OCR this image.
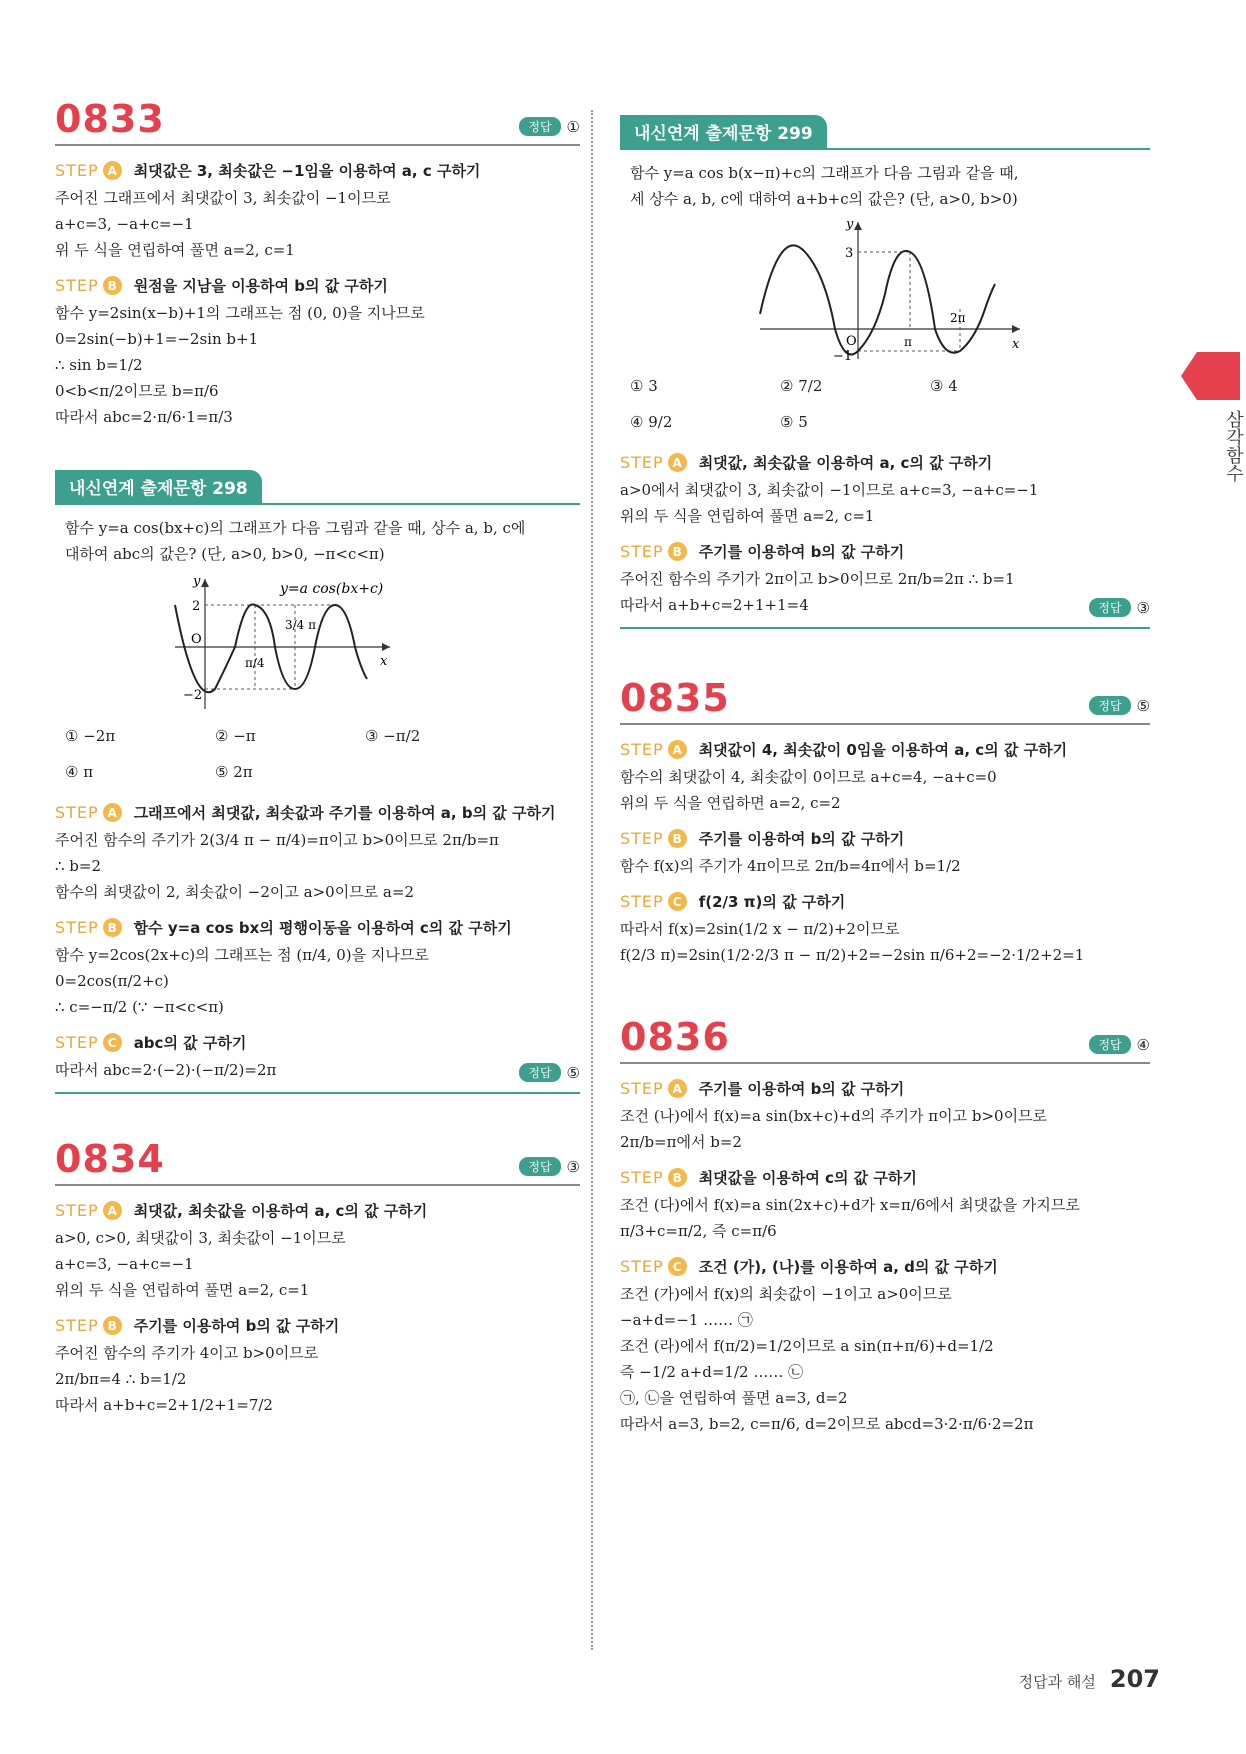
0833	정답	①
STEP A	최댓값은 3, 최솟값은 −1임을 이용하여 a, c 구하기
주어진 그래프에서 최댓값이 3, 최솟값이 −1이므로
a+c=3, −a+c=−1
위 두 식을 연립하여 풀면 a=2, c=1
STEP B	원점을 지남을 이용하여 b의 값 구하기
함수 y=2sin(x−b)+1의 그래프는 점 (0, 0)을 지나므로
0=2sin(−b)+1=−2sin b+1
∴ sin b=1/2
0<b<π/2이므로 b=π/6
따라서 abc=2·π/6·1=π/3
내신연계 출제문항 298
함수 y=a cos(bx+c)의 그래프가 다음 그림과 같을 때, 상수 a, b, c에
대하여 abc의 값은? (단, a>0, b>0, −π<c<π)
y
x
O
2
−2
π/4
3/4 π
y=a cos(bx+c)
① −2π	② −π	③ −π/2
④ π	⑤ 2π
STEP A	그래프에서 최댓값, 최솟값과 주기를 이용하여 a, b의 값 구하기
주어진 함수의 주기가 2(3/4 π − π/4)=π이고 b>0이므로 2π/b=π
∴ b=2
함수의 최댓값이 2, 최솟값이 −2이고 a>0이므로 a=2
STEP B	함수 y=a cos bx의 평행이동을 이용하여 c의 값 구하기
함수 y=2cos(2x+c)의 그래프는 점 (π/4, 0)을 지나므로
0=2cos(π/2+c)
∴ c=−π/2 (∵ −π<c<π)
STEP C	abc의 값 구하기
따라서 abc=2·(−2)·(−π/2)=2π	정답	⑤
0834	정답	③
STEP A	최댓값, 최솟값을 이용하여 a, c의 값 구하기
a>0, c>0, 최댓값이 3, 최솟값이 −1이므로
a+c=3, −a+c=−1
위의 두 식을 연립하여 풀면 a=2, c=1
STEP B	주기를 이용하여 b의 값 구하기
주어진 함수의 주기가 4이고 b>0이므로
2π/bπ=4 ∴ b=1/2
따라서 a+b+c=2+1/2+1=7/2
내신연계 출제문항 299
함수 y=a cos b(x−π)+c의 그래프가 다음 그림과 같을 때,
세 상수 a, b, c에 대하여 a+b+c의 값은? (단, a>0, b>0)
y
x
O
3
−1
π
2π
① 3	② 7/2	③ 4
④ 9/2	⑤ 5
STEP A	최댓값, 최솟값을 이용하여 a, c의 값 구하기
a>0에서 최댓값이 3, 최솟값이 −1이므로 a+c=3, −a+c=−1
위의 두 식을 연립하여 풀면 a=2, c=1
STEP B	주기를 이용하여 b의 값 구하기
주어진 함수의 주기가 2π이고 b>0이므로 2π/b=2π ∴ b=1
따라서 a+b+c=2+1+1=4	정답	③
0835	정답	⑤
STEP A	최댓값이 4, 최솟값이 0임을 이용하여 a, c의 값 구하기
함수의 최댓값이 4, 최솟값이 0이므로 a+c=4, −a+c=0
위의 두 식을 연립하면 a=2, c=2
STEP B	주기를 이용하여 b의 값 구하기
함수 f(x)의 주기가 4π이므로 2π/b=4π에서 b=1/2
STEP C	f(2/3 π)의 값 구하기
따라서 f(x)=2sin(1/2 x − π/2)+2이므로
f(2/3 π)=2sin(1/2·2/3 π − π/2)+2=−2sin π/6+2=−2·1/2+2=1
0836	정답	④
STEP A	주기를 이용하여 b의 값 구하기
조건 (나)에서 f(x)=a sin(bx+c)+d의 주기가 π이고 b>0이므로
2π/b=π에서 b=2
STEP B	최댓값을 이용하여 c의 값 구하기
조건 (다)에서 f(x)=a sin(2x+c)+d가 x=π/6에서 최댓값을 가지므로
π/3+c=π/2, 즉 c=π/6
STEP C	조건 (가), (나)를 이용하여 a, d의 값 구하기
조건 (가)에서 f(x)의 최솟값이 −1이고 a>0이므로
−a+d=−1 …… ㉠
조건 (라)에서 f(π/2)=1/2이므로 a sin(π+π/6)+d=1/2
즉 −1/2 a+d=1/2 …… ㉡
㉠, ㉡을 연립하여 풀면 a=3, d=2
따라서 a=3, b=2, c=π/6, d=2이므로 abcd=3·2·π/6·2=2π
삼각함수
정답과 해설 207
